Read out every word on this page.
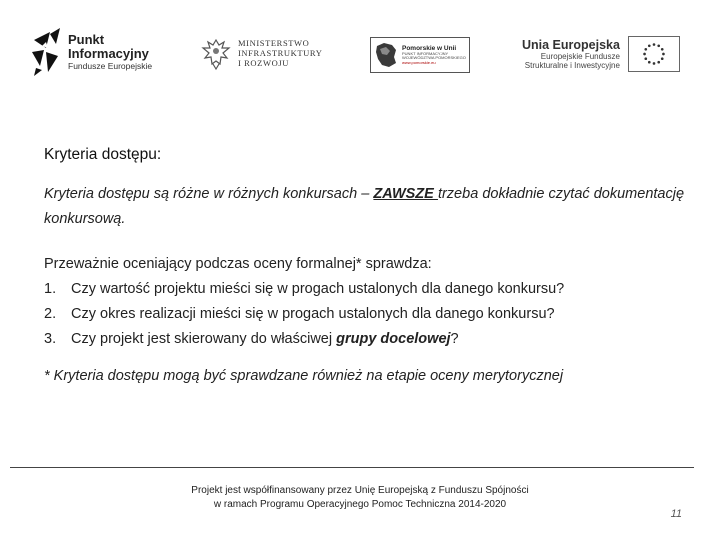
Punkt
Informacyjny
Fundusze Europejskie
MINISTERSTWO
INFRASTRUKTURY
I ROZWOJU
Pomorskie w Unii
PUNKT INFORMACYJNY
WOJEWÓDZTWA POMORSKIEGO
www.pomorskie.eu
Unia Europejska
Europejskie Fundusze
Strukturalne i Inwestycyjne
Kryteria dostępu:

Kryteria dostępu są różne w różnych konkursach – ZAWSZE trzeba dokładnie czytać dokumentację konkursową.

Przeważnie oceniający podczas oceny formalnej* sprawdza:
1.	Czy wartość projektu mieści się w progach ustalonych dla danego konkursu?
2.	Czy okres realizacji mieści się w progach ustalonych dla danego konkursu?
3.	Czy projekt jest skierowany do właściwej grupy docelowej?
* Kryteria dostępu mogą być sprawdzane również na etapie oceny merytorycznej
Projekt jest współfinansowany przez Unię Europejską z Funduszu Spójności
w ramach Programu Operacyjnego Pomoc Techniczna 2014-2020
11
